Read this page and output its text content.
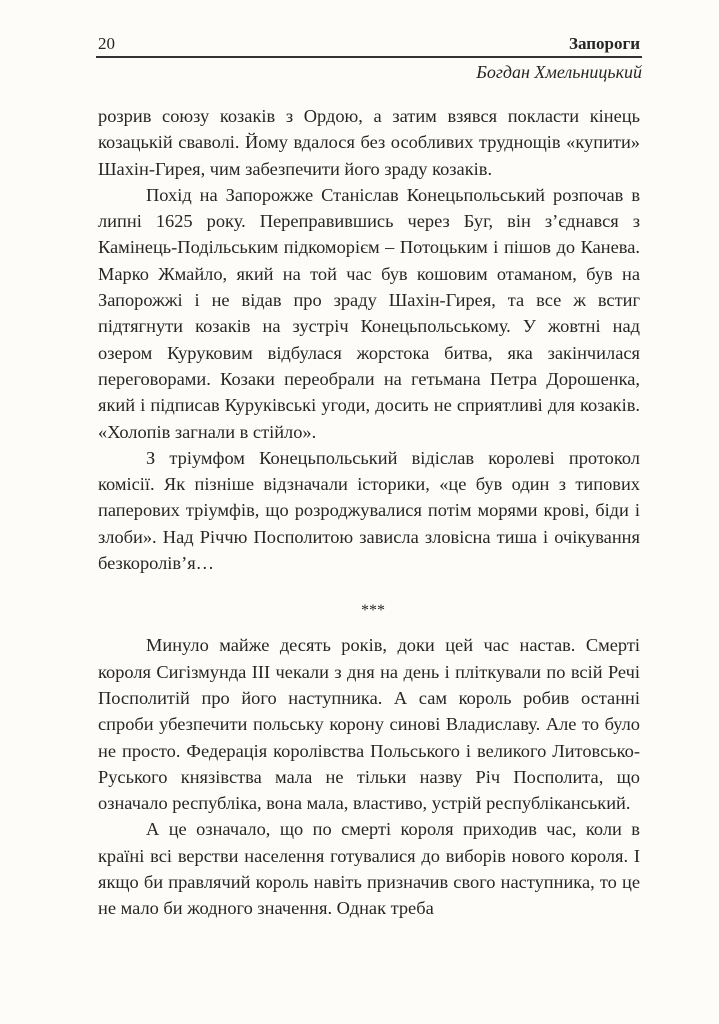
20	Запороги
Богдан Хмельницький

розрив союзу козаків з Ордою, а затим взявся покласти кінець козацькій сваволі. Йому вдалося без особливих труднощів «купити» Шахін-Гирея, чим забезпечити його зраду козаків.

Похід на Запорожже Станіслав Конецьпольський розпочав в липні 1625 року. Переправившись через Буг, він з’єднався з Камінець-Подільським підкоморієм – Потоцьким і пішов до Канева. Марко Жмайло, який на той час був кошовим отаманом, був на Запорожжі і не відав про зраду Шахін-Гирея, та все ж встиг підтягнути козаків на зустріч Конецьпольському. У жовтні над озером Куруковим відбулася жорстока битва, яка закінчилася переговорами. Козаки переобрали на гетьмана Петра Дорошенка, який і підписав Куруківські угоди, досить не сприятливі для козаків. «Холопів загнали в стійло».

З тріумфом Конецьпольський відіслав королеві протокол комісії. Як пізніше відзначали історики, «це був один з типових паперових тріумфів, що розроджувалися потім морями крові, біди і злоби». Над Річчю Посполитою зависла зловісна тиша і очікування безкоролів’я…

***

Минуло майже десять років, доки цей час настав. Смерті короля Сигізмунда III чекали з дня на день і пліткували по всій Речі Посполитій про його наступника. А сам король робив останні спроби убезпечити польську корону синові Владиславу. Але то було не просто. Федерація королівства Польського і великого Литовсько-Руського князівства мала не тільки назву Річ Посполита, що означало республіка, вона мала, властиво, устрій республіканський.

А це означало, що по смерті короля приходив час, коли в країні всі верстви населення готувалися до виборів нового короля. І якщо би правлячий король навіть призначив свого наступника, то це не мало би жодного значення. Однак треба
